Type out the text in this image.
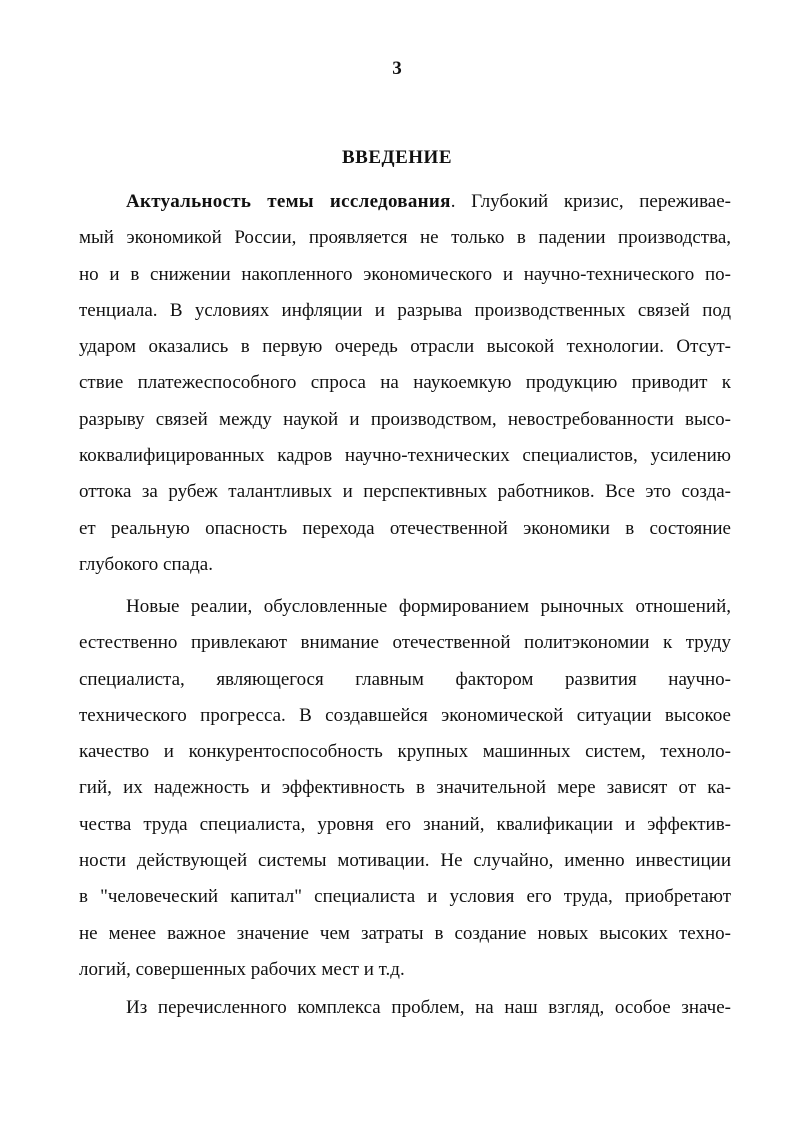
3
ВВЕДЕНИЕ
Актуальность темы исследования. Глубокий кризис, переживае-
мый экономикой России, проявляется не только в падении производства,
но и в снижении накопленного экономического и научно-технического по-
тенциала. В условиях инфляции и разрыва производственных связей под
ударом оказались в первую очередь отрасли высокой технологии. Отсут-
ствие платежеспособного спроса на наукоемкую продукцию приводит к
разрыву связей между наукой и производством, невостребованности высо-
коквалифицированных кадров научно-технических специалистов, усилению
оттока за рубеж талантливых и перспективных работников. Все это созда-
ет реальную опасность перехода отечественной экономики в состояние
глубокого спада.
Новые реалии, обусловленные формированием рыночных отношений,
естественно привлекают внимание отечественной политэкономии к труду
специалиста, являющегося главным фактором развития научно-
технического прогресса. В создавшейся экономической ситуации высокое
качество и конкурентоспособность крупных машинных систем, техноло-
гий, их надежность и эффективность в значительной мере зависят от ка-
чества труда специалиста, уровня его знаний, квалификации и эффектив-
ности действующей системы мотивации. Не случайно, именно инвестиции
в "человеческий капитал" специалиста и условия его труда, приобретают
не менее важное значение чем затраты в создание новых высоких техно-
логий, совершенных рабочих мест и т.д.
Из перечисленного комплекса проблем, на наш взгляд, особое значе-
